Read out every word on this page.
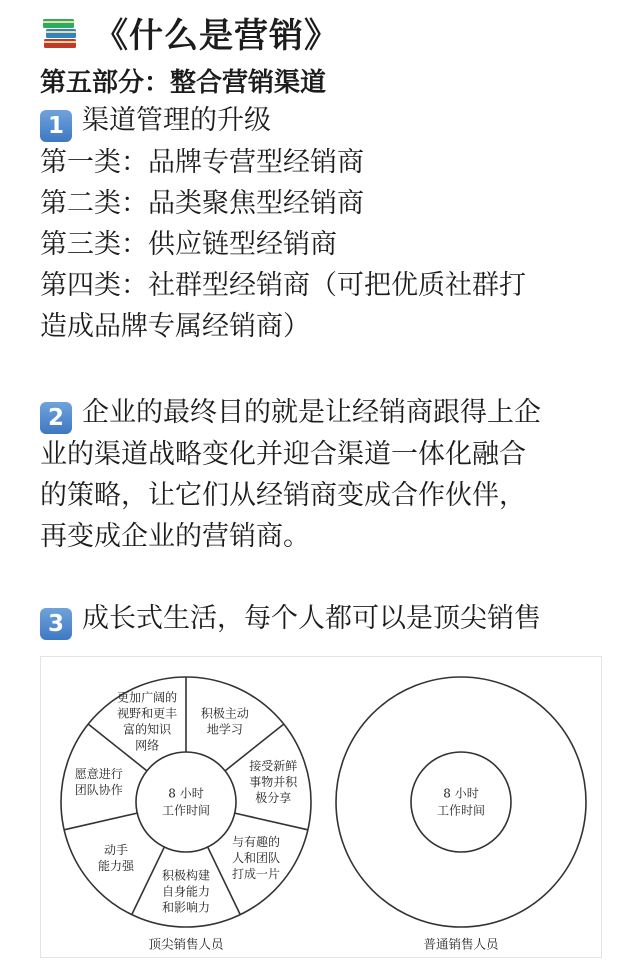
《什么是营销》
第五部分：整合营销渠道
1 渠道管理的升级
第一类：品牌专营型经销商
第二类：品类聚焦型经销商
第三类：供应链型经销商
第四类：社群型经销商（可把优质社群打
造成品牌专属经销商）
2 企业的最终目的就是让经销商跟得上企
业的渠道战略变化并迎合渠道一体化融合
的策略，让它们从经销商变成合作伙伴，
再变成企业的营销商。
3 成长式生活，每个人都可以是顶尖销售
积极主动
地学习
接受新鲜
事物并积
极分享
与有趣的
人和团队
打成一片
积极构建
自身能力
和影响力
动手
能力强
愿意进行
团队协作
更加广阔的
视野和更丰
富的知识
网络
8 小时
工作时间
顶尖销售人员
8 小时
工作时间
普通销售人员
